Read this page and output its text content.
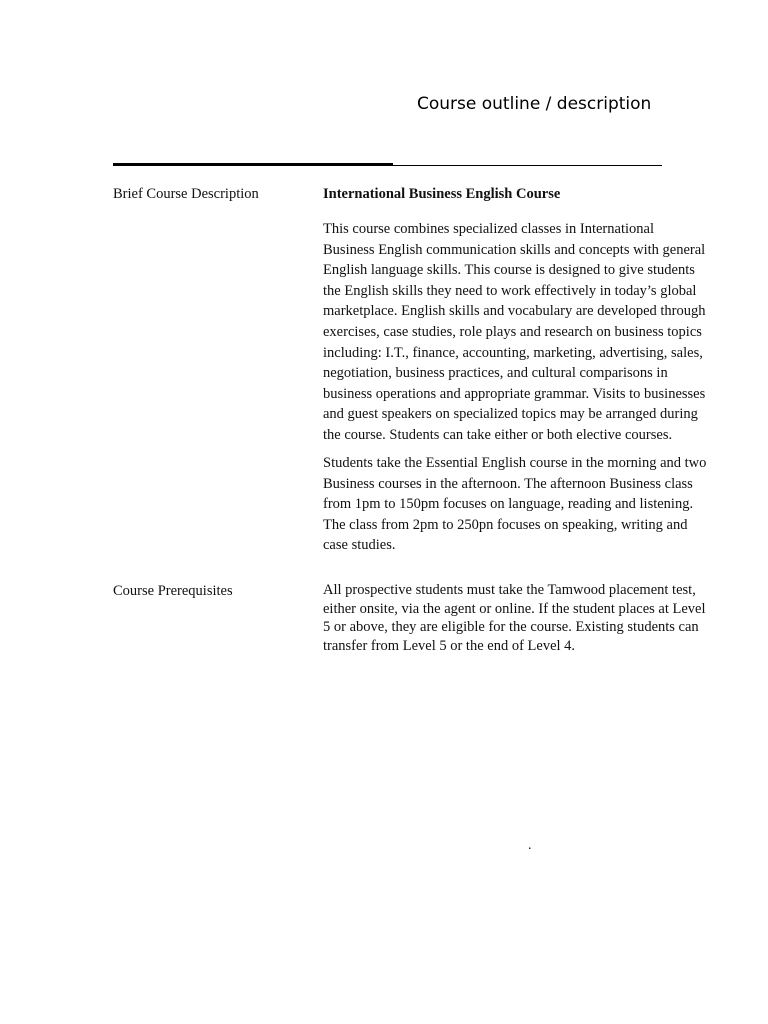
Course outline / description
Brief Course Description	International Business English Course
This course combines specialized classes in International
Business English communication skills and concepts with general
English language skills. This course is designed to give students
the English skills they need to work effectively in today’s global
marketplace. English skills and vocabulary are developed through
exercises, case studies, role plays and research on business topics
including: I.T., finance, accounting, marketing, advertising, sales,
negotiation, business practices, and cultural comparisons in
business operations and appropriate grammar. Visits to businesses
and guest speakers on specialized topics may be arranged during
the course. Students can take either or both elective courses.
Students take the Essential English course in the morning and two
Business courses in the afternoon. The afternoon Business class
from 1pm to 150pm focuses on language, reading and listening.
The class from 2pm to 250pn focuses on speaking, writing and
case studies.
Course Prerequisites	All prospective students must take the Tamwood placement test,
either onsite, via the agent or online. If the student places at Level
5 or above, they are eligible for the course. Existing students can
transfer from Level 5 or the end of Level 4.
.
